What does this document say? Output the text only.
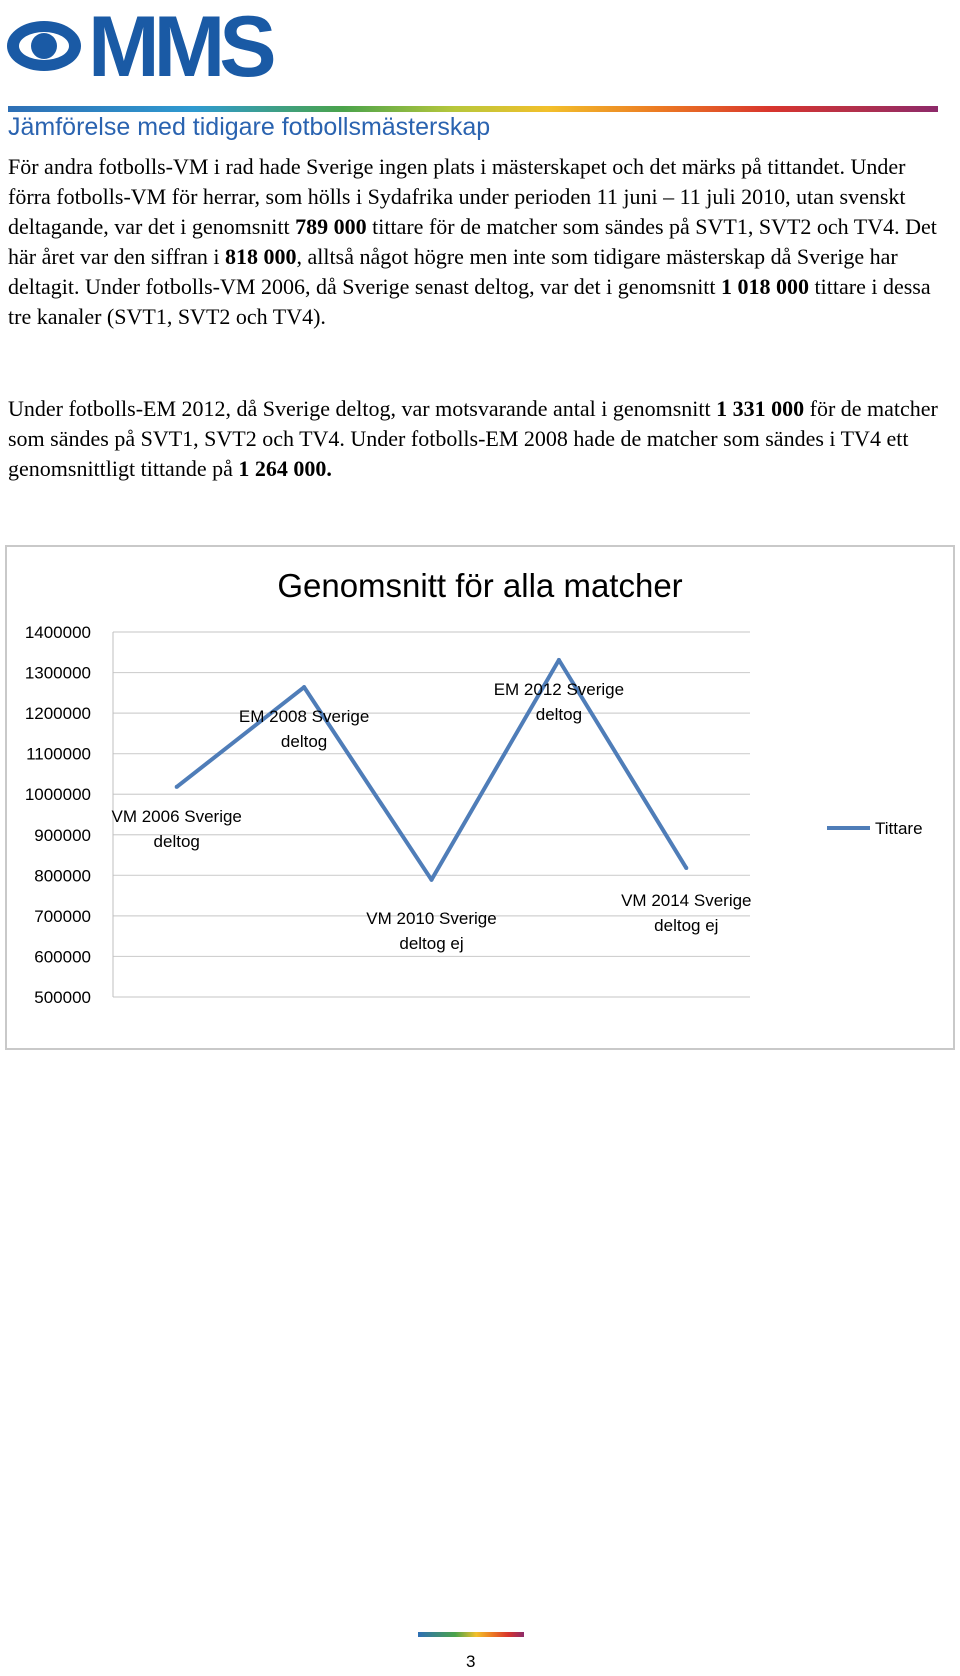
MMS
Jämförelse med tidigare fotbollsmästerskap

För andra fotbolls-VM i rad hade Sverige ingen plats i mästerskapet och det märks på tittandet. Under förra fotbolls-VM för herrar, som hölls i Sydafrika under perioden 11 juni – 11 juli 2010, utan svenskt deltagande, var det i genomsnitt 789 000 tittare för de matcher som sändes på SVT1, SVT2 och TV4. Det här året var den siffran i 818 000, alltså något högre men inte som tidigare mästerskap då Sverige har deltagit. Under fotbolls-VM 2006, då Sverige senast deltog, var det i genomsnitt 1 018 000 tittare i dessa tre kanaler (SVT1, SVT2 och TV4).

Under fotbolls-EM 2012, då Sverige deltog, var motsvarande antal i genomsnitt 1 331 000 för de matcher som sändes på SVT1, SVT2 och TV4. Under fotbolls-EM 2008 hade de matcher som sändes i TV4 ett genomsnittligt tittande på 1 264 000.

Genomsnitt för alla matcher
1400000
1300000
1200000
1100000
1000000
900000
800000
700000
600000
500000
VM 2006 Sverige
deltog
EM 2008 Sverige
deltog
VM 2010 Sverige
deltog ej
EM 2012 Sverige
deltog
VM 2014 Sverige
deltog ej
Tittare
3
